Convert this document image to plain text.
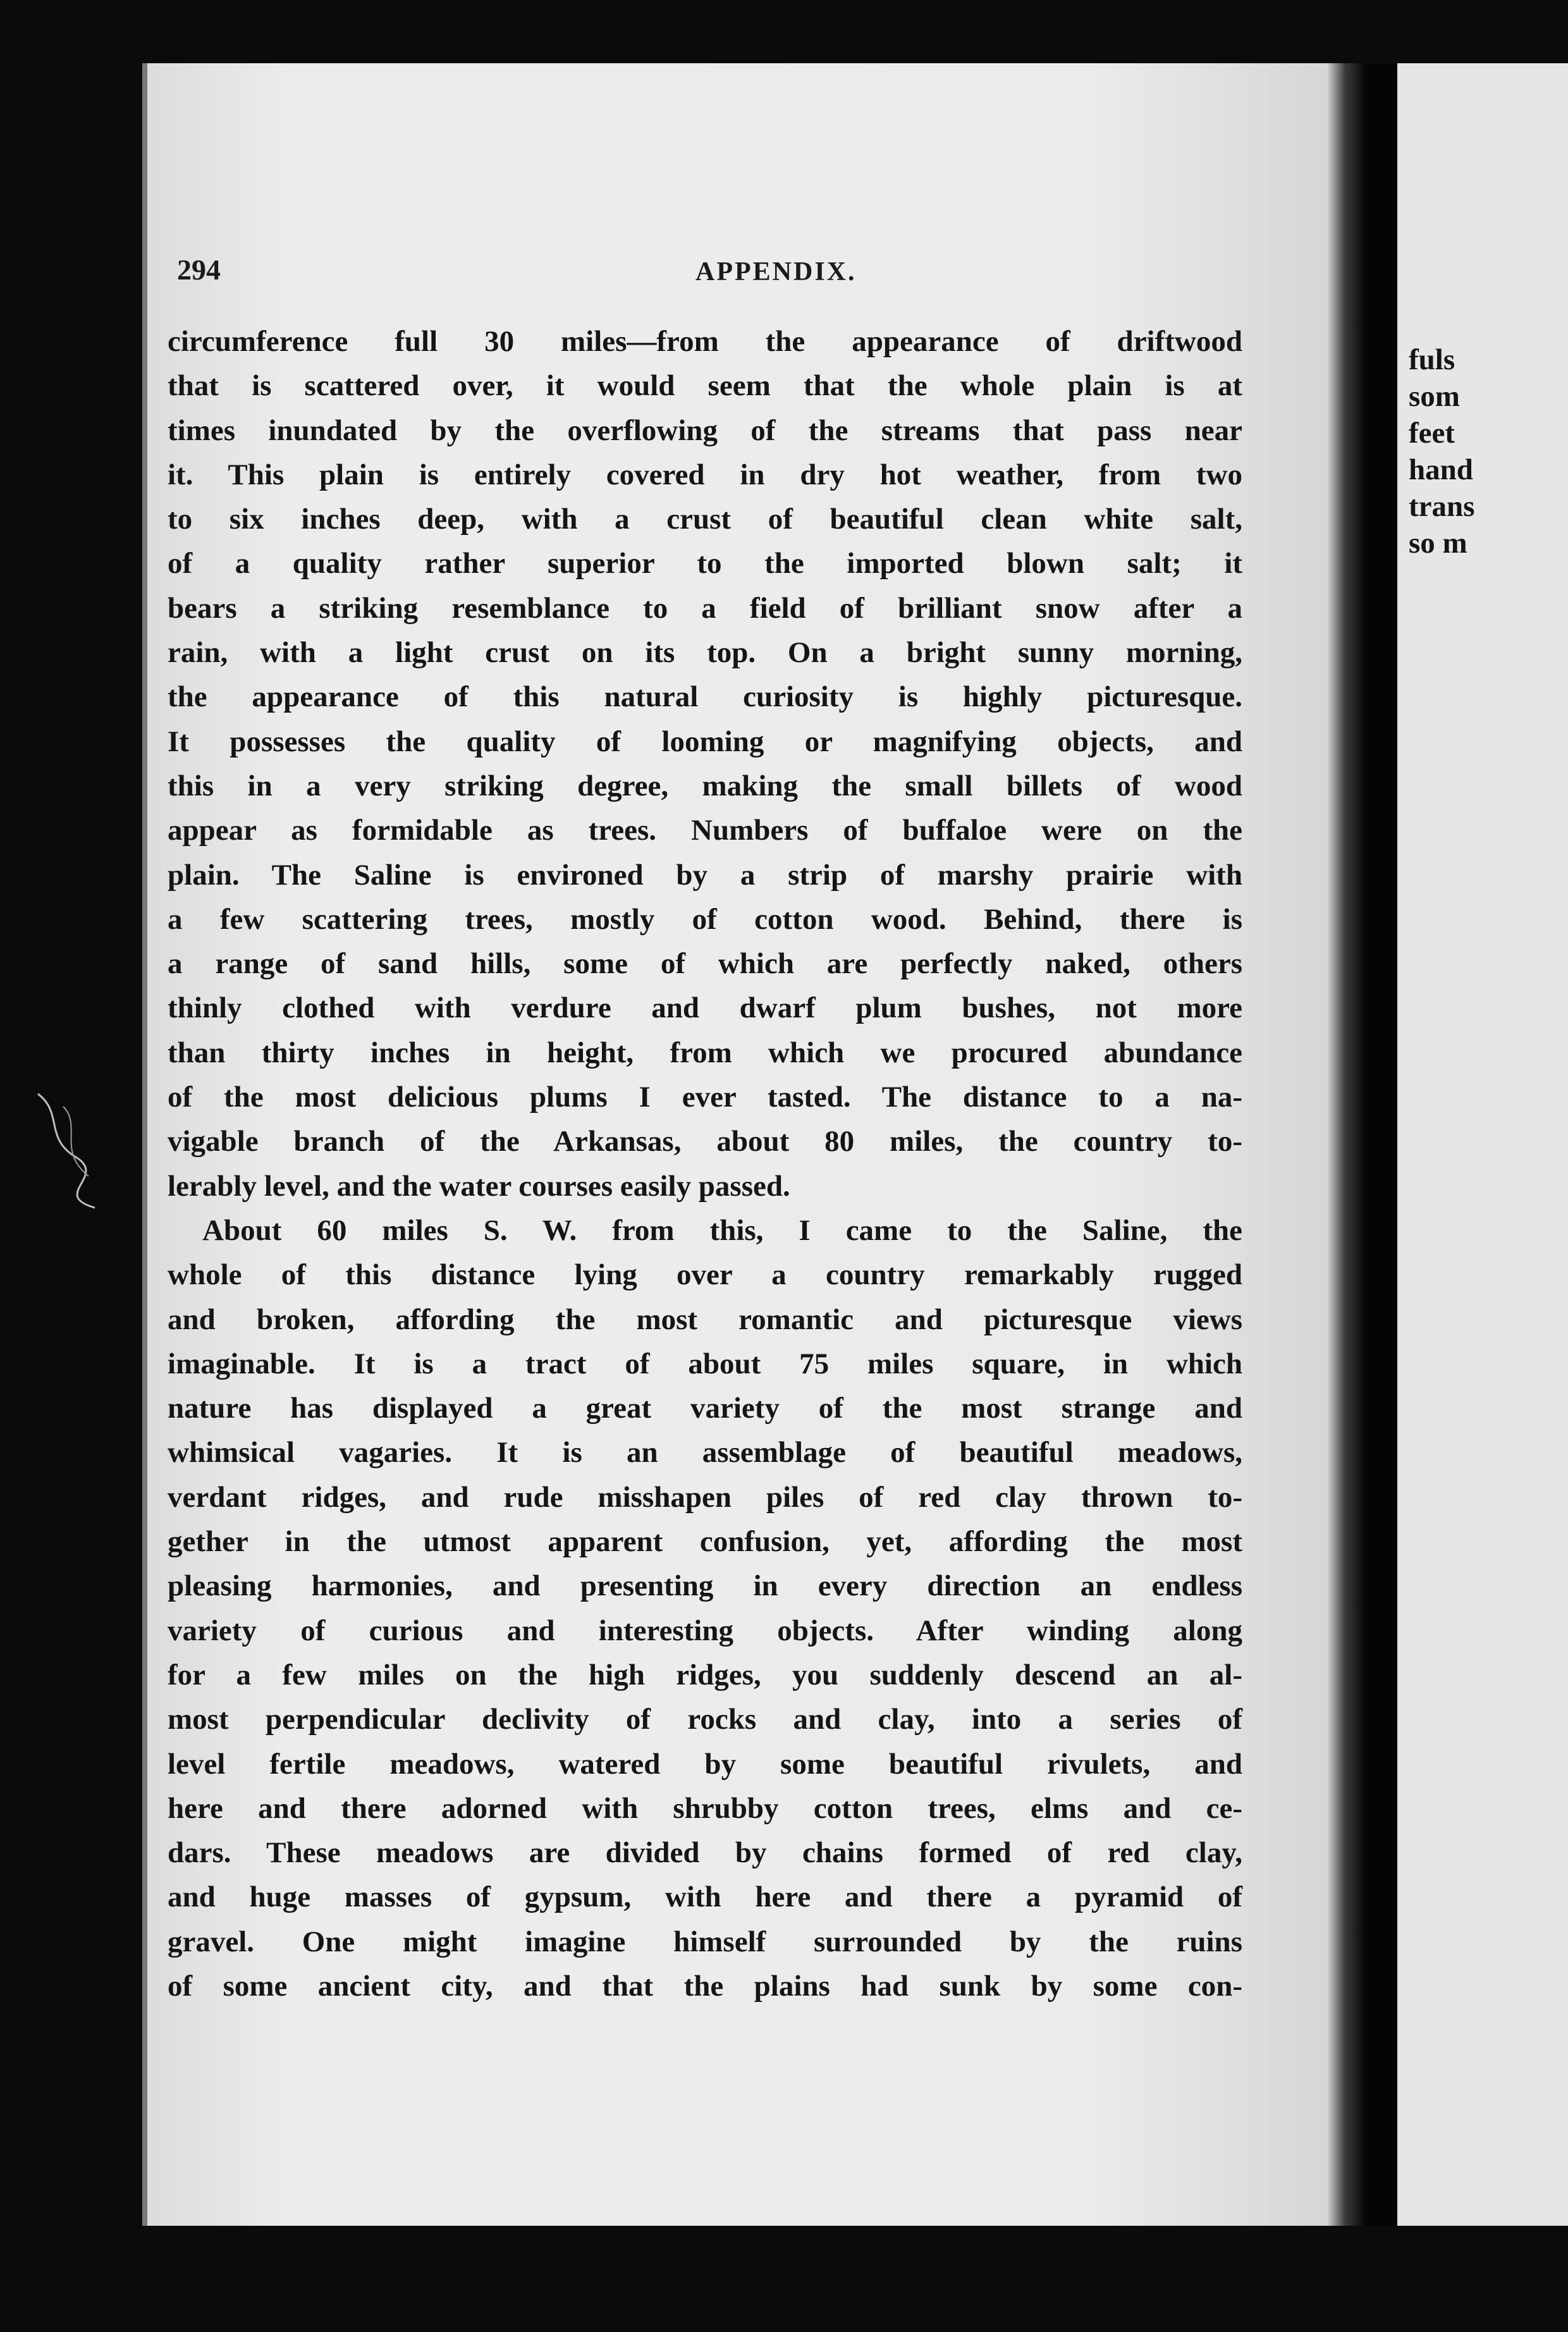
fuls
som
feet
hand
trans
so m
294	APPENDIX.
circumference full 30 miles—from the appearance of driftwood
that is scattered over, it would seem that the whole plain is at
times inundated by the overflowing of the streams that pass near
it. This plain is entirely covered in dry hot weather, from two
to six inches deep, with a crust of beautiful clean white salt,
of a quality rather superior to the imported blown salt; it
bears a striking resemblance to a field of brilliant snow after a
rain, with a light crust on its top. On a bright sunny morning,
the appearance of this natural curiosity is highly picturesque.
It possesses the quality of looming or magnifying objects, and
this in a very striking degree, making the small billets of wood
appear as formidable as trees. Numbers of buffaloe were on the
plain. The Saline is environed by a strip of marshy prairie with
a few scattering trees, mostly of cotton wood. Behind, there is
a range of sand hills, some of which are perfectly naked, others
thinly clothed with verdure and dwarf plum bushes, not more
than thirty inches in height, from which we procured abundance
of the most delicious plums I ever tasted. The distance to a na-
vigable branch of the Arkansas, about 80 miles, the country to-
lerably level, and the water courses easily passed.
About 60 miles S. W. from this, I came to the Saline, the
whole of this distance lying over a country remarkably rugged
and broken, affording the most romantic and picturesque views
imaginable. It is a tract of about 75 miles square, in which
nature has displayed a great variety of the most strange and
whimsical vagaries. It is an assemblage of beautiful meadows,
verdant ridges, and rude misshapen piles of red clay thrown to-
gether in the utmost apparent confusion, yet, affording the most
pleasing harmonies, and presenting in every direction an endless
variety of curious and interesting objects. After winding along
for a few miles on the high ridges, you suddenly descend an al-
most perpendicular declivity of rocks and clay, into a series of
level fertile meadows, watered by some beautiful rivulets, and
here and there adorned with shrubby cotton trees, elms and ce-
dars. These meadows are divided by chains formed of red clay,
and huge masses of gypsum, with here and there a pyramid of
gravel. One might imagine himself surrounded by the ruins
of some ancient city, and that the plains had sunk by some con-
